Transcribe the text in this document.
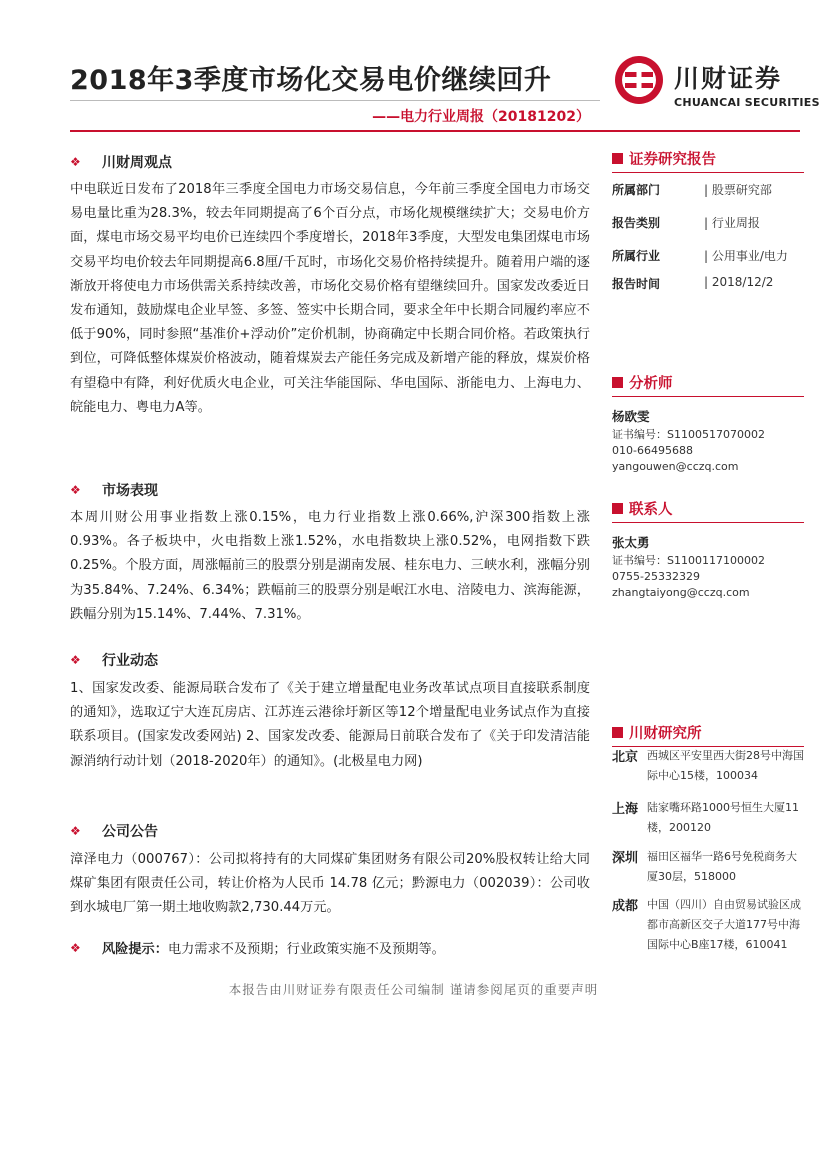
2018年3季度市场化交易电价继续回升
——电力行业周报（20181202）
川财证券
CHUANCAI SECURITIES
❖	川财周观点

中电联近日发布了2018年三季度全国电力市场交易信息，今年前三季度全国电力市场交易电量比重为28.3%，较去年同期提高了6个百分点，市场化规模继续扩大；交易电价方面，煤电市场交易平均电价已连续四个季度增长，2018年3季度，大型发电集团煤电市场交易平均电价较去年同期提高6.8厘/千瓦时，市场化交易价格持续提升。随着用户端的逐渐放开将使电力市场供需关系持续改善，市场化交易价格有望继续回升。国家发改委近日发布通知，鼓励煤电企业早签、多签、签实中长期合同，要求全年中长期合同履约率应不低于90%，同时参照“基准价+浮动价”定价机制，协商确定中长期合同价格。若政策执行到位，可降低整体煤炭价格波动，随着煤炭去产能任务完成及新增产能的释放，煤炭价格有望稳中有降，利好优质火电企业，可关注华能国际、华电国际、浙能电力、上海电力、皖能电力、粤电力A等。

❖	市场表现

本周川财公用事业指数上涨0.15%，电力行业指数上涨0.66%,沪深300指数上涨0.93%。各子板块中，火电指数上涨1.52%，水电指数块上涨0.52%，电网指数下跌0.25%。个股方面，周涨幅前三的股票分别是湖南发展、桂东电力、三峡水利，涨幅分别为35.84%、7.24%、6.34%；跌幅前三的股票分别是岷江水电、涪陵电力、滨海能源，跌幅分别为15.14%、7.44%、7.31%。

❖	行业动态

1、国家发改委、能源局联合发布了《关于建立增量配电业务改革试点项目直接联系制度的通知》，选取辽宁大连瓦房店、江苏连云港徐圩新区等12个增量配电业务试点作为直接联系项目。(国家发改委网站) 2、国家发改委、能源局日前联合发布了《关于印发清洁能源消纳行动计划（2018-2020年）的通知》。(北极星电力网)

❖	公司公告

漳泽电力（000767）：公司拟将持有的大同煤矿集团财务有限公司20%股权转让给大同煤矿集团有限责任公司，转让价格为人民币 14.78 亿元；黔源电力（002039）：公司收到水城电厂第一期土地收购款2,730.44万元。

❖	风险提示： 电力需求不及预期；行业政策实施不及预期等。
证券研究报告
所属部门	| 股票研究部
报告类别	| 行业周报
所属行业	| 公用事业/电力
报告时间	| 2018/12/2
分析师
杨欧雯
证书编号：S1100517070002
010-66495688
yangouwen@cczq.com
联系人
张太勇
证书编号：S1100117100002
0755-25332329
zhangtaiyong@cczq.com
川财研究所
北京 西城区平安里西大街28号中海国际中心15楼，100034
上海 陆家嘴环路1000号恒生大厦11楼，200120
深圳 福田区福华一路6号免税商务大厦30层，518000
成都 中国（四川）自由贸易试验区成都市高新区交子大道177号中海国际中心B座17楼，610041
本报告由川财证券有限责任公司编制 谨请参阅尾页的重要声明
